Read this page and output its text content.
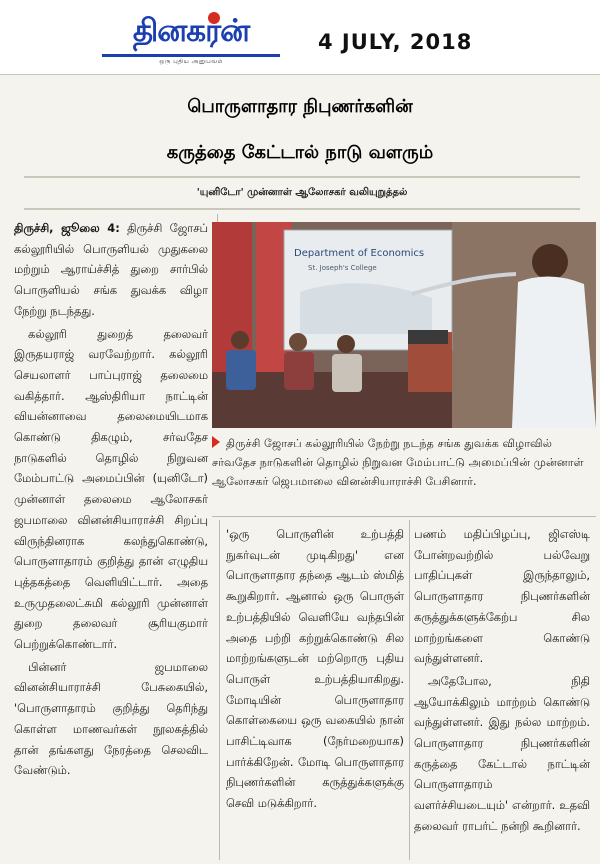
தினகரன்
ஒரு புதிய அனுபவம்
4 JULY, 2018
பொருளாதார நிபுணர்களின்
கருத்தை கேட்டால் நாடு வளரும்
'யுனிடோ' முன்னாள் ஆலோசகர் வலியுறுத்தல்

திருச்சி, ஜூலை 4: திருச்சி ஜோசப் கல்லூரியில் பொருளியல் முதுகலை மற்றும் ஆராய்ச்சித் துறை சார்பில் பொருளியல் சங்க துவக்க விழா நேற்று நடந்தது.

கல்லூரி துறைத் தலைவர் இருதயராஜ் வரவேற்றார். கல்லூரி செயலாளர் பாப்புராஜ் தலைமை வகித்தார். ஆஸ்திரியா நாட்டின் வியன்னாவை தலைமையிடமாக கொண்டு திகழும், சர்வதேச நாடுகளில் தொழில் நிறுவன மேம்பாட்டு அமைப்பின் (யுனிடோ) முன்னாள் தலைமை ஆலோசகர் ஜபமாலை வினன்சியாராச்சி சிறப்பு விருந்தினராக கலந்துகொண்டு, பொருளாதாரம் குறித்து தான் எழுதிய புத்தகத்தை வெளியிட்டார். அதை உருமுதலைட்சுமி கல்லூரி முன்னாள் துறை தலைவர் சூரியகுமார் பெற்றுக்கொண்டார்.

பின்னர் ஜபமாலை வினன்சியாராச்சி பேசுகையில், 'பொருளாதாரம் குறித்து தெரிந்து கொள்ள மாணவர்கள் நூலகத்தில் தான் தங்களது நேரத்தை செலவிட வேண்டும்.

Department of Economics
St. Joseph's College
திருச்சி ஜோசப் கல்லூரியில் நேற்று நடந்த சங்க துவக்க விழாவில் சர்வதேச நாடுகளின் தொழில் நிறுவன மேம்பாட்டு அமைப்பின் முன்னாள் ஆலோசகர் ஜெபமாலை வினன்சியாராச்சி பேசினார்.

'ஒரு பொருளின் உற்பத்தி நுகர்வுடன் முடிகிறது' என பொருளாதார தந்தை ஆடம் ஸ்மித் கூறுகிறார். ஆனால் ஒரு பொருள் உற்பத்தியில் வெளியே வந்தபின் அதை பற்றி கற்றுக்கொண்டு சில மாற்றங்களுடன் மற்றொரு புதிய பொருள் உற்பத்தியாகிறது. மோடியின் பொருளாதார கொள்கையை ஒரு வகையில் நான் பாசிட்டிவாக (நேர்மறையாக) பார்க்கிறேன். மோடி பொருளாதார நிபுணர்களின் கருத்துக்களுக்கு செவி மடுக்கிறார்.

பணம் மதிப்பிழப்பு, ஜிஎஸ்டி போன்றவற்றில் பல்வேறு பாதிப்புகள் இருந்தாலும், பொருளாதார நிபுணர்களின் கருத்துக்களுக்கேற்ப சில மாற்றங்களை கொண்டு வந்துள்ளனர்.

அதேபோல, நிதி ஆயோக்கிலும் மாற்றம் கொண்டு வந்துள்ளனர். இது நல்ல மாற்றம். பொருளாதார நிபுணர்களின் கருத்தை கேட்டால் நாட்டின் பொருளாதாரம் வளர்ச்சியடையும்' என்றார். உதவி தலைவர் ராபர்ட் நன்றி கூறினார்.
